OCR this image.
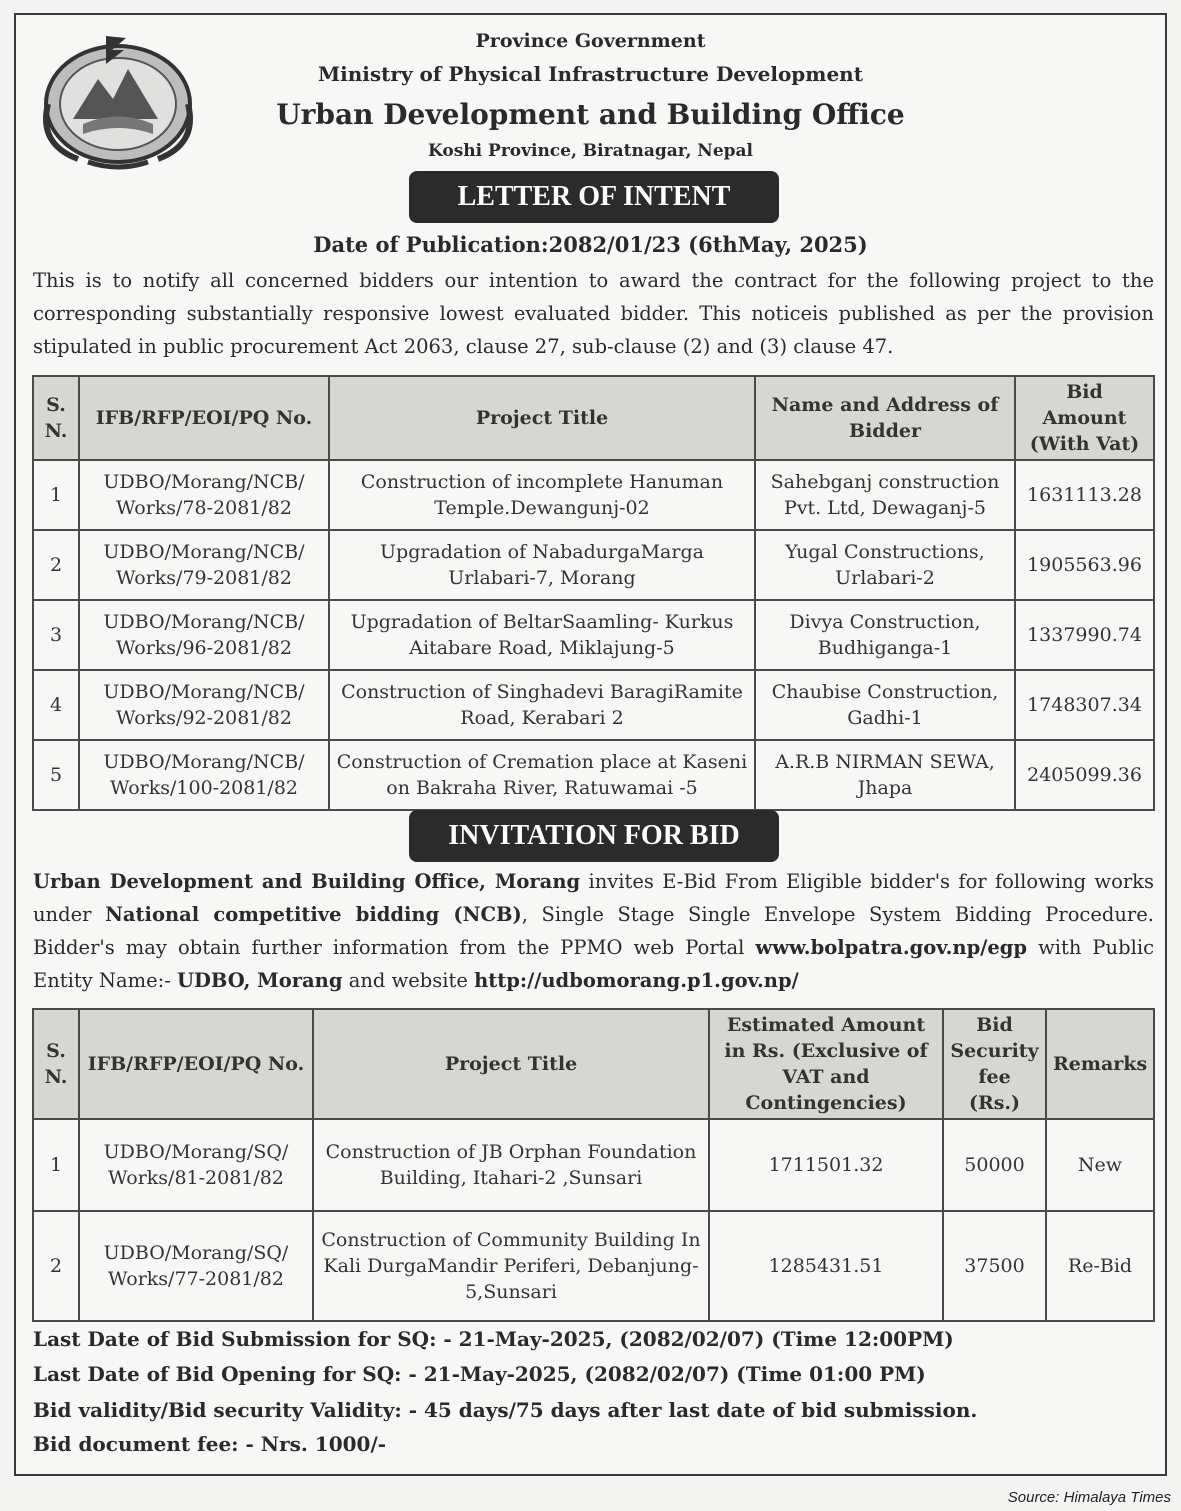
Province Government
Ministry of Physical Infrastructure Development
Urban Development and Building Office
Koshi Province, Biratnagar, Nepal
LETTER OF INTENT
Date of Publication:2082/01/23 (6thMay, 2025)
This is to notify all concerned bidders our intention to award the contract for the following project to the corresponding substantially responsive lowest evaluated bidder. This noticeis published as per the provision stipulated in public procurement Act 2063, clause 27, sub-clause (2) and (3) clause 47.
S. N.	IFB/RFP/EOI/PQ No.	Project Title	Name and Address of Bidder	Bid Amount (With Vat)
1	UDBO/Morang/NCB/ Works/78-2081/82	Construction of incomplete Hanuman Temple.Dewangunj-02	Sahebganj construction Pvt. Ltd, Dewaganj-5	1631113.28
2	UDBO/Morang/NCB/ Works/79-2081/82	Upgradation of NabadurgaMarga Urlabari-7, Morang	Yugal Constructions, Urlabari-2	1905563.96
3	UDBO/Morang/NCB/ Works/96-2081/82	Upgradation of BeltarSaamling- Kurkus Aitabare Road, Miklajung-5	Divya Construction, Budhiganga-1	1337990.74
4	UDBO/Morang/NCB/ Works/92-2081/82	Construction of Singhadevi BaragiRamite Road, Kerabari 2	Chaubise Construction, Gadhi-1	1748307.34
5	UDBO/Morang/NCB/ Works/100-2081/82	Construction of Cremation place at Kaseni on Bakraha River, Ratuwamai -5	A.R.B NIRMAN SEWA, Jhapa	2405099.36
INVITATION FOR BID
Urban Development and Building Office, Morang invites E-Bid From Eligible bidder's for following works under National competitive bidding (NCB), Single Stage Single Envelope System Bidding Procedure. Bidder's may obtain further information from the PPMO web Portal www.bolpatra.gov.np/egp with Public Entity Name:- UDBO, Morang and website http://udbomorang.p1.gov.np/
S. N.	IFB/RFP/EOI/PQ No.	Project Title	Estimated Amount in Rs. (Exclusive of VAT and Contingencies)	Bid Security fee (Rs.)	Remarks
1	UDBO/Morang/SQ/ Works/81-2081/82	Construction of JB Orphan Foundation Building, Itahari-2 ,Sunsari	1711501.32	50000	New
2	UDBO/Morang/SQ/ Works/77-2081/82	Construction of Community Building In Kali DurgaMandir Periferi, Debanjung-5,Sunsari	1285431.51	37500	Re-Bid
Last Date of Bid Submission for SQ: - 21-May-2025, (2082/02/07) (Time 12:00PM)
Last Date of Bid Opening for SQ: - 21-May-2025, (2082/02/07) (Time 01:00 PM)
Bid validity/Bid security Validity: - 45 days/75 days after last date of bid submission.
Bid document fee: - Nrs. 1000/-
Source: Himalaya Times
